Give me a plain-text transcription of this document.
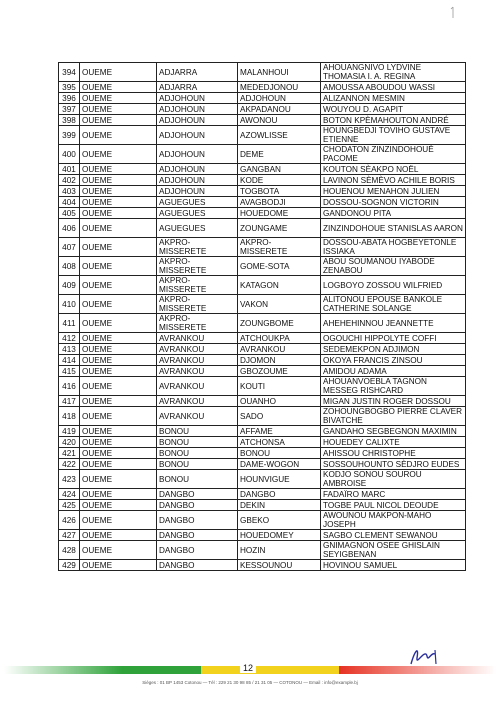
394	OUEME	ADJARRA	MALANHOUI	AHOUANGNIVO LYDVINE THOMASIA I. A. REGINA
395	OUEME	ADJARRA	MEDEDJONOU	AMOUSSA ABOUDOU WASSI
396	OUEME	ADJOHOUN	ADJOHOUN	ALIZANNON MESMIN
397	OUEME	ADJOHOUN	AKPADANOU	WOUYOU D. AGAPIT
398	OUEME	ADJOHOUN	AWONOU	BOTON KPÈMAHOUTON ANDRÉ
399	OUEME	ADJOHOUN	AZOWLISSE	HOUNGBEDJI TOVIHO GUSTAVE ETIENNE
400	OUEME	ADJOHOUN	DEME	CHODATON ZINZINDOHOUÉ PACOME
401	OUEME	ADJOHOUN	GANGBAN	KOUTON SÈAKPO NOËL
402	OUEME	ADJOHOUN	KODE	LAVINON SÈMÈVO ACHILE BORIS
403	OUEME	ADJOHOUN	TOGBOTA	HOUENOU MENAHON JULIEN
404	OUEME	AGUEGUES	AVAGBODJI	DOSSOU-SOGNON VICTORIN
405	OUEME	AGUEGUES	HOUEDOME	GANDONOU PITA
406	OUEME	AGUEGUES	ZOUNGAME	ZINZINDOHOUE STANISLAS AARON
407	OUEME	AKPRO-MISSERETE	AKPRO-MISSERETE	DOSSOU-ABATA HOGBEYETONLE ISSIAKA
408	OUEME	AKPRO-MISSERETE	GOME-SOTA	ABOU SOUMANOU IYABODE ZENABOU
409	OUEME	AKPRO-MISSERETE	KATAGON	LOGBOYO ZOSSOU WILFRIED
410	OUEME	AKPRO-MISSERETE	VAKON	ALITONOU EPOUSE BANKOLE CATHERINE SOLANGE
411	OUEME	AKPRO-MISSERETE	ZOUNGBOME	AHEHEHINNOU JEANNETTE
412	OUEME	AVRANKOU	ATCHOUKPA	OGOUCHI HIPPOLYTE COFFI
413	OUEME	AVRANKOU	AVRANKOU	SEDEMEKPON ADJIMON
414	OUEME	AVRANKOU	DJOMON	OKOYA FRANCIS ZINSOU
415	OUEME	AVRANKOU	GBOZOUME	AMIDOU ADAMA
416	OUEME	AVRANKOU	KOUTI	AHOUANVOEBLA TAGNON MESSEG RISHCARD
417	OUEME	AVRANKOU	OUANHO	MIGAN JUSTIN ROGER DOSSOU
418	OUEME	AVRANKOU	SADO	ZOHOUNGBOGBO PIERRE CLAVER BIVATCHE
419	OUEME	BONOU	AFFAME	GANDAHO SEGBEGNON MAXIMIN
420	OUEME	BONOU	ATCHONSA	HOUEDEY CALIXTE
421	OUEME	BONOU	BONOU	AHISSOU CHRISTOPHE
422	OUEME	BONOU	DAME-WOGON	SOSSOUHOUNTO SÈDJRO EUDES
423	OUEME	BONOU	HOUNVIGUE	KODJO SONOU SOUROU AMBROISE
424	OUEME	DANGBO	DANGBO	FADAÏRO MARC
425	OUEME	DANGBO	DEKIN	TOGBE PAUL NICOL DEOUDE
426	OUEME	DANGBO	GBEKO	AWOUNOU MAKPON-MAHO JOSEPH
427	OUEME	DANGBO	HOUEDOMEY	SAGBO CLEMENT SEWANOU
428	OUEME	DANGBO	HOZIN	GNIMAGNON OSEE GHISLAIN SEYIGBENAN
429	OUEME	DANGBO	KESSOUNOU	HOVINOU SAMUEL
12
Sièges : 01 BP 1453 Cotonou — Tél : 229 21 30 98 85 / 21 31 05 — COTONOU — Email : info@example.bj
